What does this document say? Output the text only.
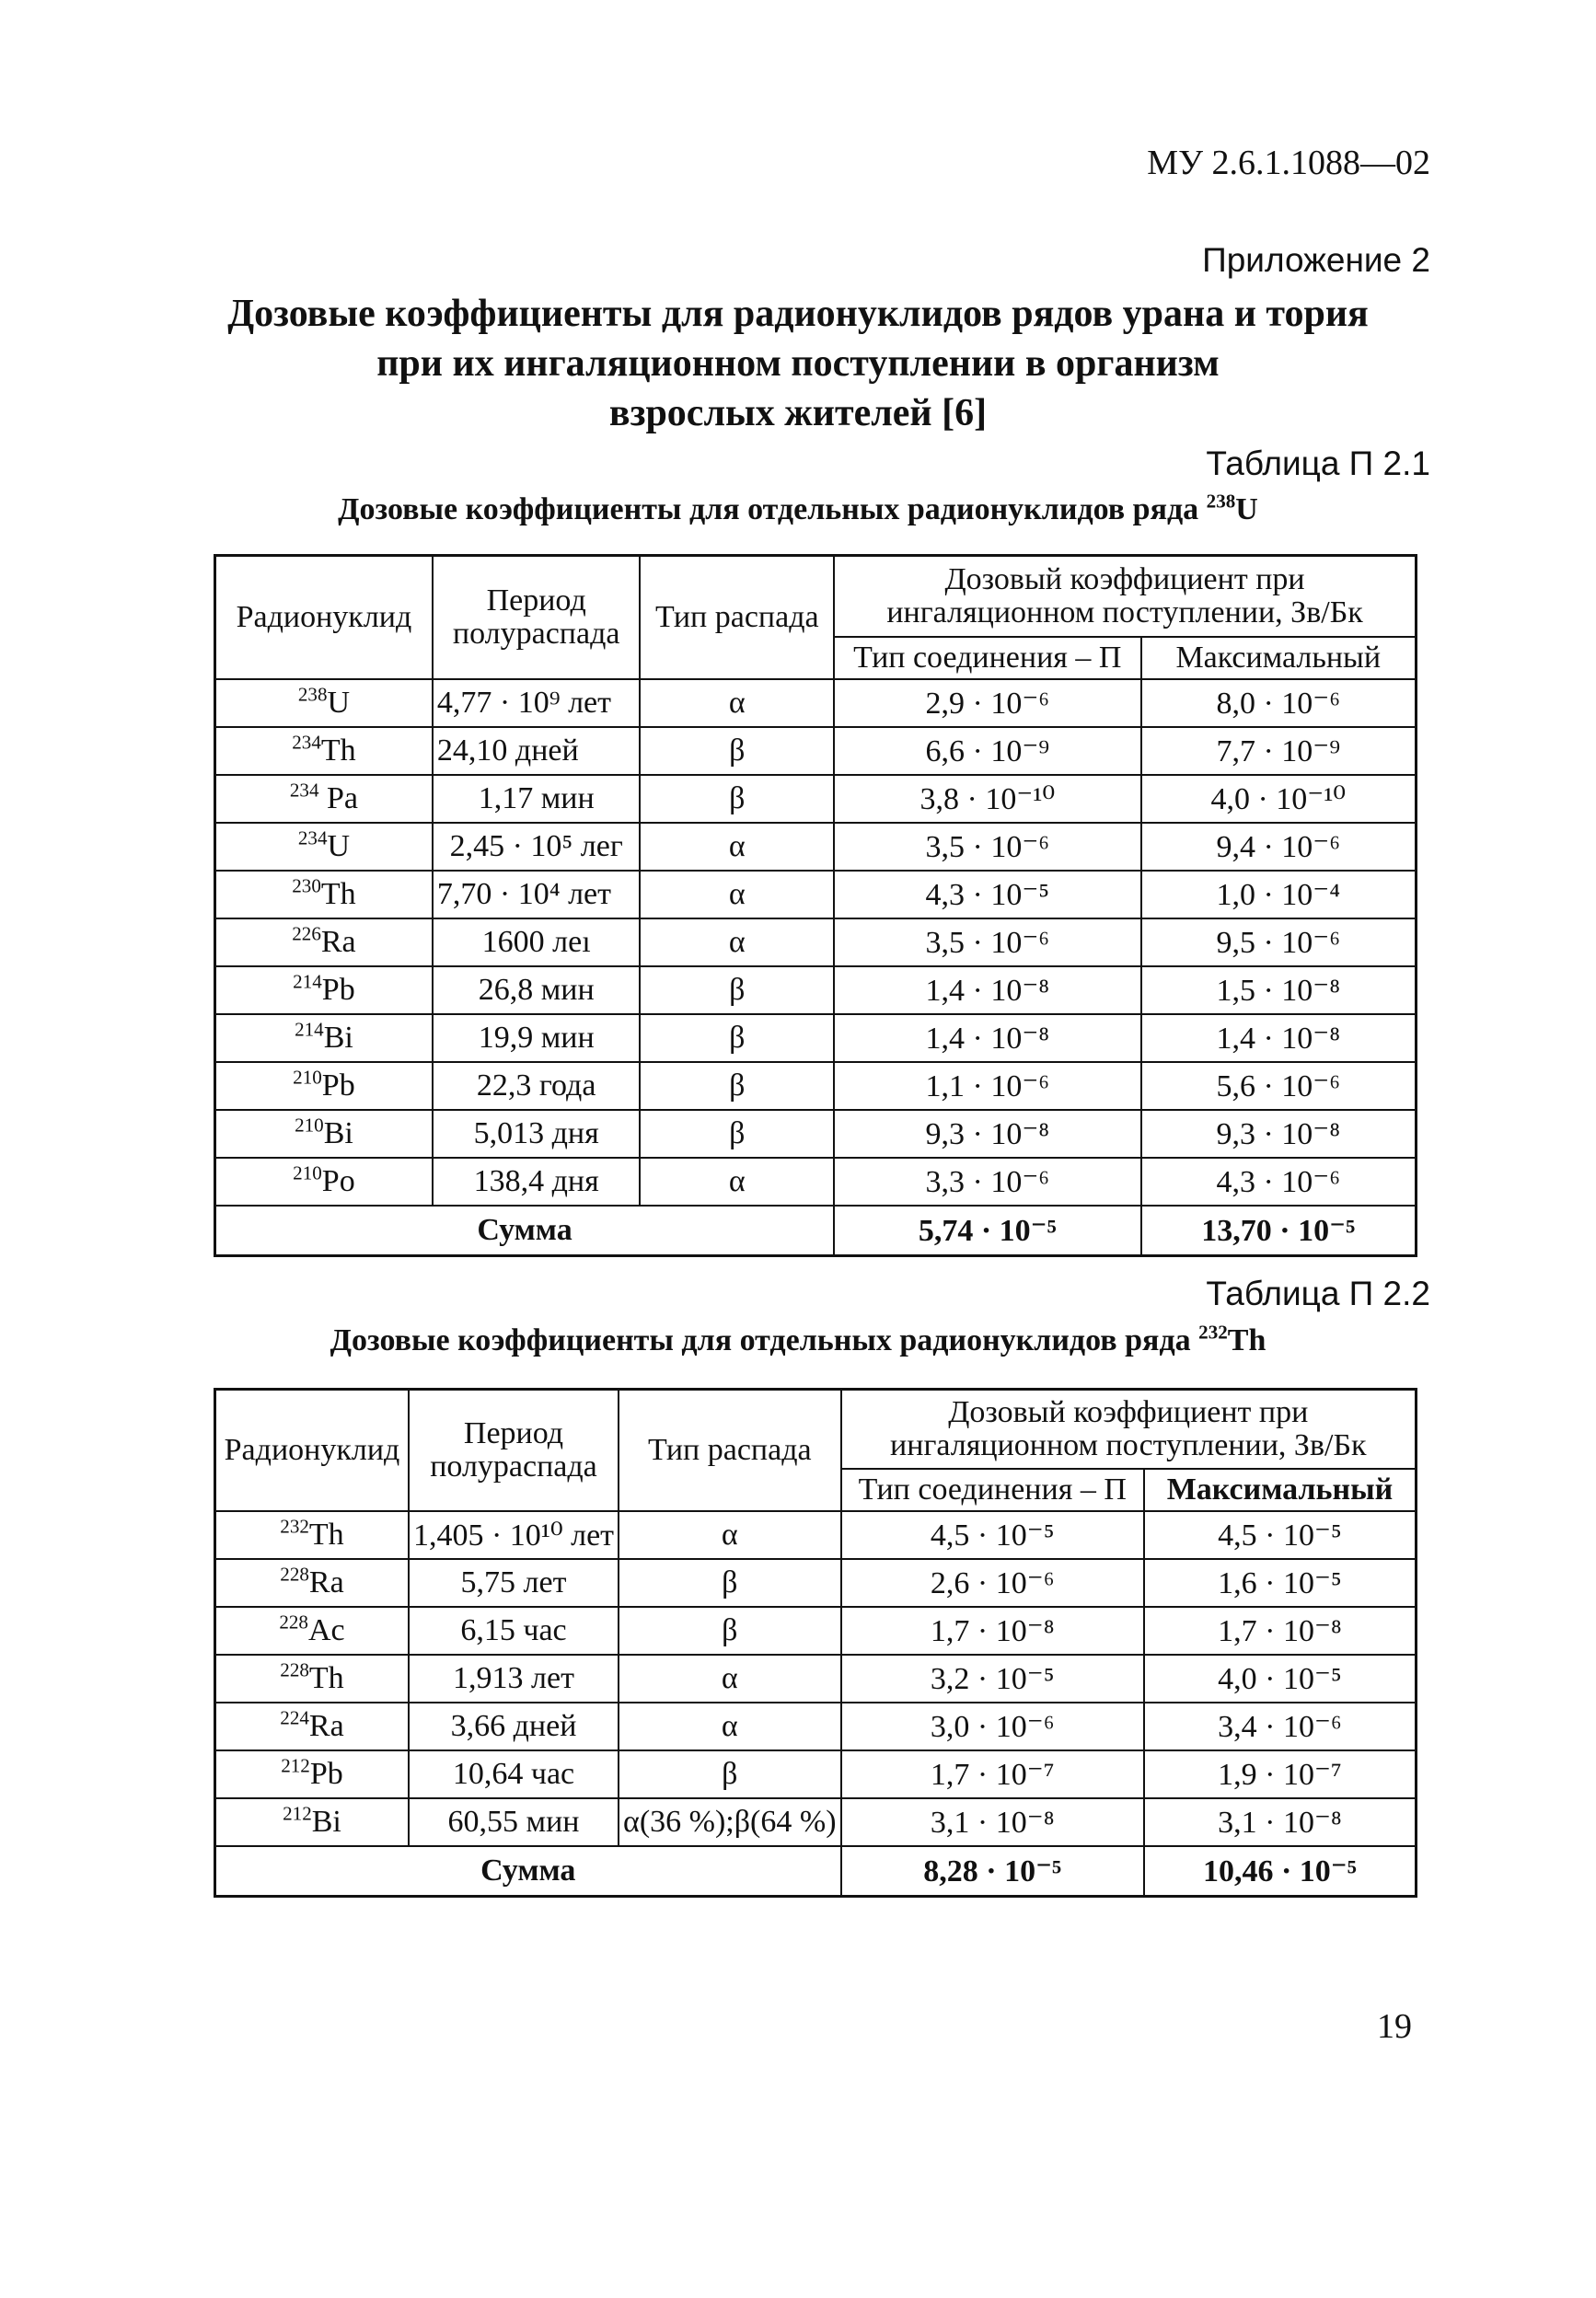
МУ 2.6.1.1088—02
Приложение 2
Дозовые коэффициенты для радионуклидов рядов урана и тория
при их ингаляционном поступлении в организм
взрослых жителей [6]
Таблица П 2.1
Дозовые коэффициенты для отдельных радионуклидов ряда $^{238}$U
Радионуклид	Период полураспада	Тип распада	Дозовый коэффициент при ингаляционном поступлении, Зв/Бк	
			Тип соединения – П	Максимальный
$^{238}$U	4,77 · 10⁹ лет	α	2,9 · 10⁻⁶	8,0 · 10⁻⁶
$^{234}$Th	24,10 дней	β	6,6 · 10⁻⁹	7,7 · 10⁻⁹
$^{234}$ Pa	1,17 мин	β	3,8 · 10⁻¹⁰	4,0 · 10⁻¹⁰
$^{234}$U	2,45 · 10⁵ лег	α	3,5 · 10⁻⁶	9,4 · 10⁻⁶
$^{230}$Th	7,70 · 10⁴ лет	α	4,3 · 10⁻⁵	1,0 · 10⁻⁴
$^{226}$Ra	1600 леı	α	3,5 · 10⁻⁶	9,5 · 10⁻⁶
$^{214}$Pb	26,8 мин	β	1,4 · 10⁻⁸	1,5 · 10⁻⁸
$^{214}$Bi	19,9 мин	β	1,4 · 10⁻⁸	1,4 · 10⁻⁸
$^{210}$Pb	22,3 года	β	1,1 · 10⁻⁶	5,6 · 10⁻⁶
$^{210}$Bi	5,013 дня	β	9,3 · 10⁻⁸	9,3 · 10⁻⁸
$^{210}$Po	138,4 дня	α	3,3 · 10⁻⁶	4,3 · 10⁻⁶
Сумма			5,74 · 10⁻⁵	13,70 · 10⁻⁵
Таблица П 2.2
Дозовые коэффициенты для отдельных радионуклидов ряда $^{232}$Th
Радионуклид	Период полураспада	Тип распада	Дозовый коэффициент при ингаляционном поступлении, Зв/Бк	
			Тип соединения – П	Максимальный
$^{232}$Th	1,405 · 10¹⁰ лет	α	4,5 · 10⁻⁵	4,5 · 10⁻⁵
$^{228}$Ra	5,75 лет	β	2,6 · 10⁻⁶	1,6 · 10⁻⁵
$^{228}$Ac	6,15 час	β	1,7 · 10⁻⁸	1,7 · 10⁻⁸
$^{228}$Th	1,913 лет	α	3,2 · 10⁻⁵	4,0 · 10⁻⁵
$^{224}$Ra	3,66 дней	α	3,0 · 10⁻⁶	3,4 · 10⁻⁶
$^{212}$Pb	10,64 час	β	1,7 · 10⁻⁷	1,9 · 10⁻⁷
$^{212}$Bi	60,55 мин	α(36 %);β(64 %)	3,1 · 10⁻⁸	3,1 · 10⁻⁸
Сумма			8,28 · 10⁻⁵	10,46 · 10⁻⁵
19
